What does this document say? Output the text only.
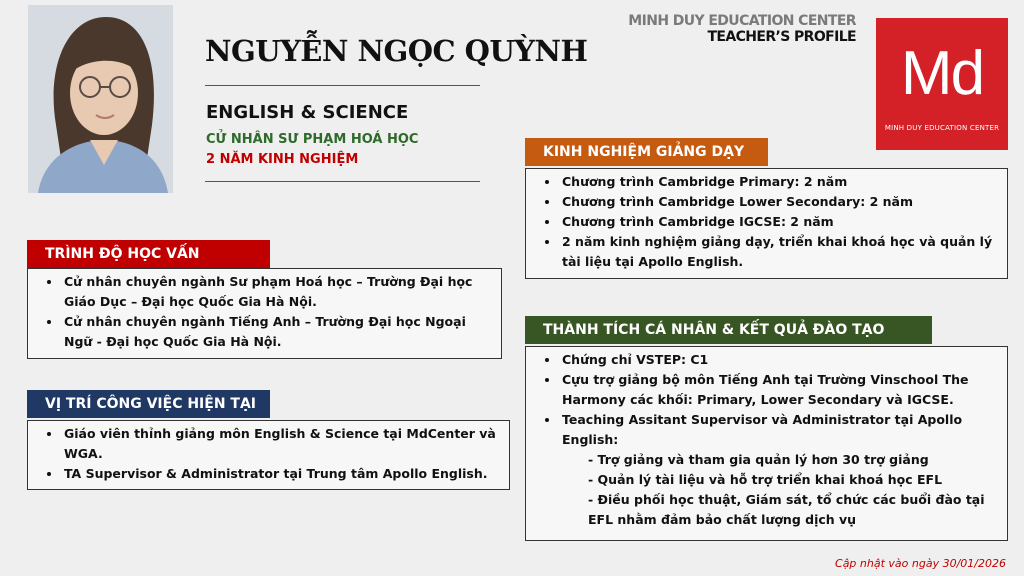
NGUYỄN NGỌC QUỲNH
ENGLISH & SCIENCE
CỬ NHÂN SƯ PHẠM HOÁ HỌC
2 NĂM KINH NGHIỆM
MINH DUY EDUCATION CENTER
TEACHER’S PROFILE
Md
MINH DUY EDUCATION CENTER
TRÌNH ĐỘ HỌC VẤN
• Cử nhân chuyên ngành Sư phạm Hoá học – Trường Đại học Giáo Dục – Đại học Quốc Gia Hà Nội.
• Cử nhân chuyên ngành Tiếng Anh – Trường Đại học Ngoại Ngữ - Đại học Quốc Gia Hà Nội.
VỊ TRÍ CÔNG VIỆC HIỆN TẠI
• Giáo viên thỉnh giảng môn English & Science tại MdCenter và WGA.
• TA Supervisor & Administrator tại Trung tâm Apollo English.
KINH NGHIỆM GIẢNG DẠY
• Chương trình Cambridge Primary: 2 năm
• Chương trình Cambridge Lower Secondary: 2 năm
• Chương trình Cambridge IGCSE: 2 năm
• 2 năm kinh nghiệm giảng dạy, triển khai khoá học và quản lý tài liệu tại Apollo English.
THÀNH TÍCH CÁ NHÂN & KẾT QUẢ ĐÀO TẠO
• Chứng chỉ VSTEP: C1
• Cựu trợ giảng bộ môn Tiếng Anh tại Trường Vinschool The Harmony các khối: Primary, Lower Secondary và IGCSE.
• Teaching Assitant Supervisor và Administrator tại Apollo English:
- Trợ giảng và tham gia quản lý hơn 30 trợ giảng
- Quản lý tài liệu và hỗ trợ triển khai khoá học EFL
- Điều phối học thuật, Giám sát, tổ chức các buổi đào tại EFL nhằm đảm bảo chất lượng dịch vụ
Cập nhật vào ngày 30/01/2026
